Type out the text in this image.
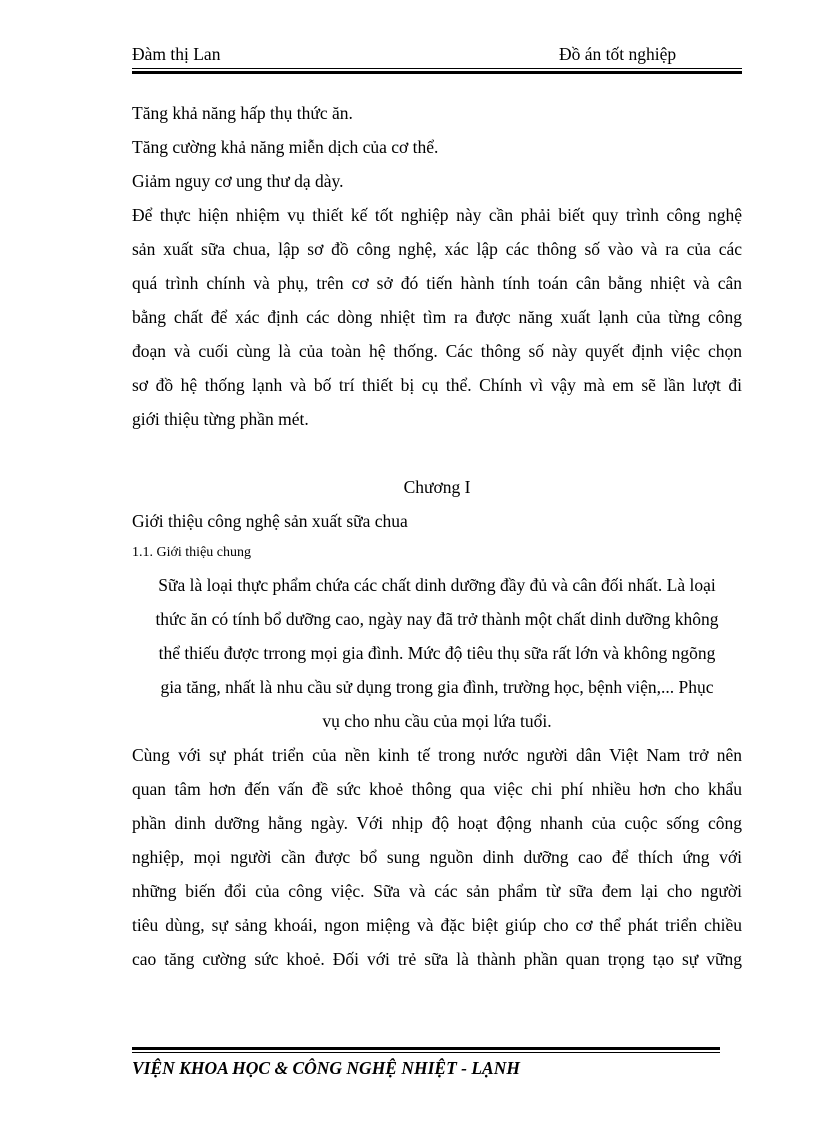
Đàm thị Lan	Đồ án tốt nghiệp
Tăng khả năng hấp thụ thức ăn.
Tăng cường khả năng miễn dịch của cơ thể.
Giảm nguy cơ ung thư dạ dày.
Để thực hiện nhiệm vụ thiết kế tốt nghiệp này cần phải biết quy trình công nghệ
sản xuất sữa chua, lập sơ đồ công nghệ, xác lập các thông số vào và ra của các
quá trình chính và phụ, trên cơ sở đó tiến hành tính toán cân bằng nhiệt và cân
bằng chất để xác định các dòng nhiệt tìm ra được năng xuất lạnh của từng công
đoạn và cuối cùng là của toàn hệ thống. Các thông số này quyết định việc chọn
sơ đồ hệ thống lạnh và bố trí thiết bị cụ thể. Chính vì vậy mà em sẽ lần lượt đi
giới thiệu từng phần mét.
Chương I
Giới thiệu công nghệ sản xuất sữa chua
1.1. Giới thiệu chung
Sữa là loại thực phẩm chứa các chất dinh dưỡng đầy đủ và cân đối nhất. Là loại
thức ăn có tính bổ dưỡng cao, ngày nay đã trở thành một chất dinh dưỡng không
thể thiếu được trrong mọi gia đình. Mức độ tiêu thụ sữa rất lớn và không ngõng
gia tăng, nhất là nhu cầu sử dụng trong gia đình, trường học, bệnh viện,... Phục
vụ cho nhu cầu của mọi lứa tuổi.
Cùng với sự phát triển của nền kinh tế trong nước người dân Việt Nam trở nên
quan tâm hơn đến vấn đề sức khoẻ thông qua việc chi phí nhiều hơn cho khẩu
phần dinh dưỡng hằng ngày. Với nhịp độ hoạt động nhanh của cuộc sống công
nghiệp, mọi người cần được bổ sung nguồn dinh dưỡng cao để thích ứng với
những biến đổi của công việc. Sữa và các sản phẩm từ sữa đem lại cho người
tiêu dùng, sự sảng khoái, ngon miệng và đặc biệt giúp cho cơ thể phát triển chiều
cao tăng cường sức khoẻ. Đối với trẻ sữa là thành phần quan trọng tạo sự vững
VIỆN KHOA HỌC & CÔNG NGHỆ NHIỆT - LẠNH
